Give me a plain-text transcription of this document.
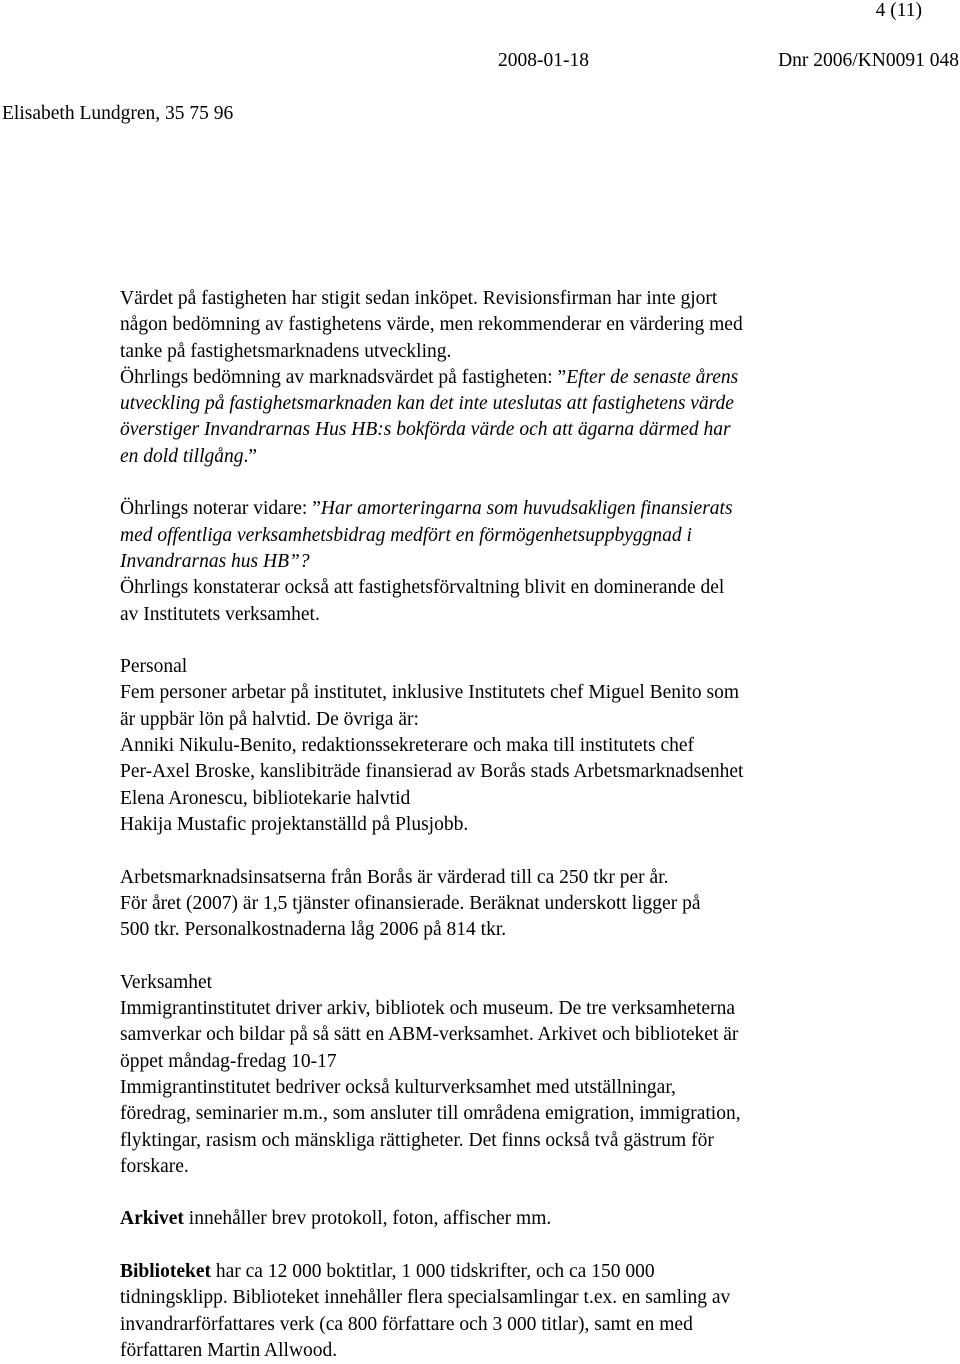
4 (11)
2008-01-18	Dnr 2006/KN0091 048
Elisabeth Lundgren, 35 75 96
Värdet på fastigheten har stigit sedan inköpet. Revisionsfirman har inte gjort
någon bedömning av fastighetens värde, men rekommenderar en värdering med
tanke på fastighetsmarknadens utveckling.
Öhrlings bedömning av marknadsvärdet på fastigheten: ”Efter de senaste årens
utveckling på fastighetsmarknaden kan det inte uteslutas att fastighetens värde
överstiger Invandrarnas Hus HB:s bokförda värde och att ägarna därmed har
en dold tillgång.”
Öhrlings noterar vidare: ”Har amorteringarna som huvudsakligen finansierats
med offentliga verksamhetsbidrag medfört en förmögenhetsuppbyggnad i
Invandrarnas hus HB”?
Öhrlings konstaterar också att fastighetsförvaltning blivit en dominerande del
av Institutets verksamhet.
Personal
Fem personer arbetar på institutet, inklusive Institutets chef Miguel Benito som
är uppbär lön på halvtid. De övriga är:
Anniki Nikulu-Benito, redaktionssekreterare och maka till institutets chef
Per-Axel Broske, kanslibiträde finansierad av Borås stads Arbetsmarknadsenhet
Elena Aronescu, bibliotekarie halvtid
Hakija Mustafic projektanställd på Plusjobb.
Arbetsmarknadsinsatserna från Borås är värderad till ca 250 tkr per år.
För året (2007) är 1,5 tjänster ofinansierade. Beräknat underskott ligger på
500 tkr. Personalkostnaderna låg 2006 på 814 tkr.
Verksamhet
Immigrantinstitutet driver arkiv, bibliotek och museum. De tre verksamheterna
samverkar och bildar på så sätt en ABM-verksamhet. Arkivet och biblioteket är
öppet måndag-fredag 10-17
Immigrantinstitutet bedriver också kulturverksamhet med utställningar,
föredrag, seminarier m.m., som ansluter till områdena emigration, immigration,
flyktingar, rasism och mänskliga rättigheter. Det finns också två gästrum för
forskare.
Arkivet innehåller brev protokoll, foton, affischer mm.
Biblioteket har ca 12 000 boktitlar, 1 000 tidskrifter, och ca 150 000
tidningsklipp. Biblioteket innehåller flera specialsamlingar t.ex. en samling av
invandrarförfattares verk (ca 800 författare och 3 000 titlar), samt en med
författaren Martin Allwood.
